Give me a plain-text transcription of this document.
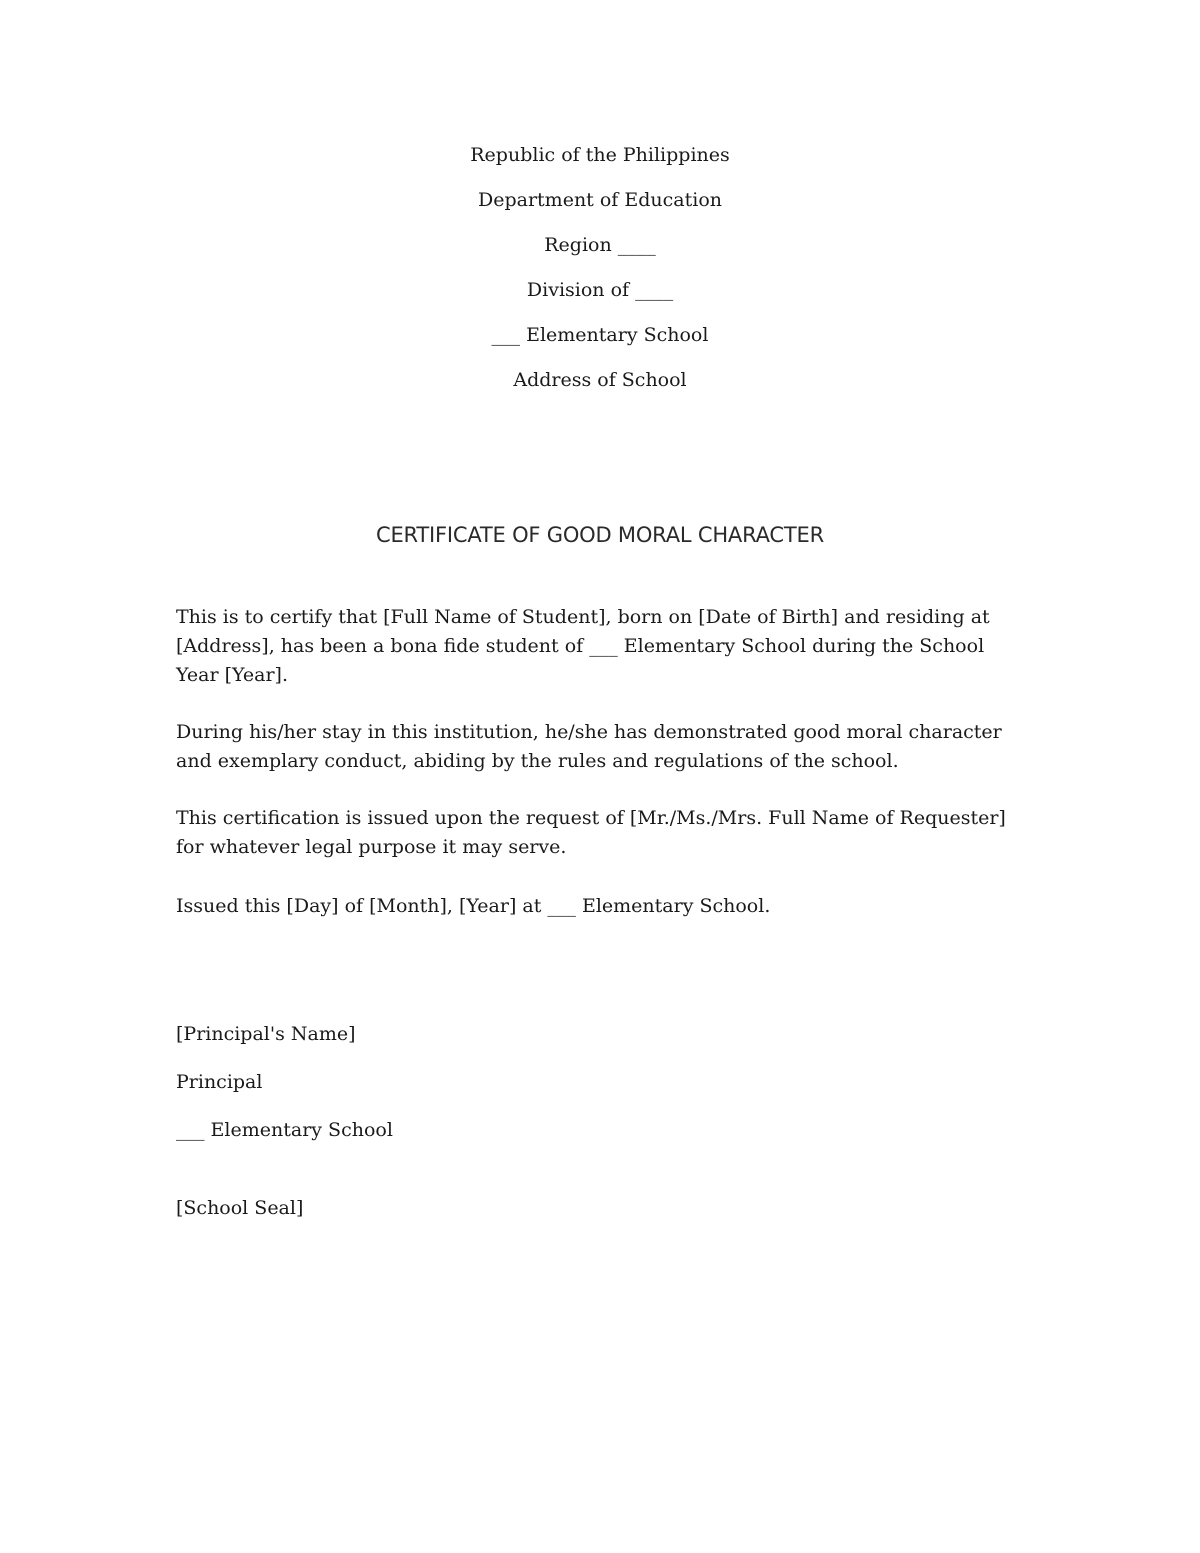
Republic of the Philippines
Department of Education
Region ____
Division of ____
___ Elementary School
Address of School
CERTIFICATE OF GOOD MORAL CHARACTER

This is to certify that [Full Name of Student], born on [Date of Birth] and residing at [Address], has been a bona fide student of ___ Elementary School during the School Year [Year].

During his/her stay in this institution, he/she has demonstrated good moral character and exemplary conduct, abiding by the rules and regulations of the school.

This certification is issued upon the request of [Mr./Ms./Mrs. Full Name of Requester] for whatever legal purpose it may serve.

Issued this [Day] of [Month], [Year] at ___ Elementary School.

[Principal's Name]
Principal
___ Elementary School
[School Seal]
